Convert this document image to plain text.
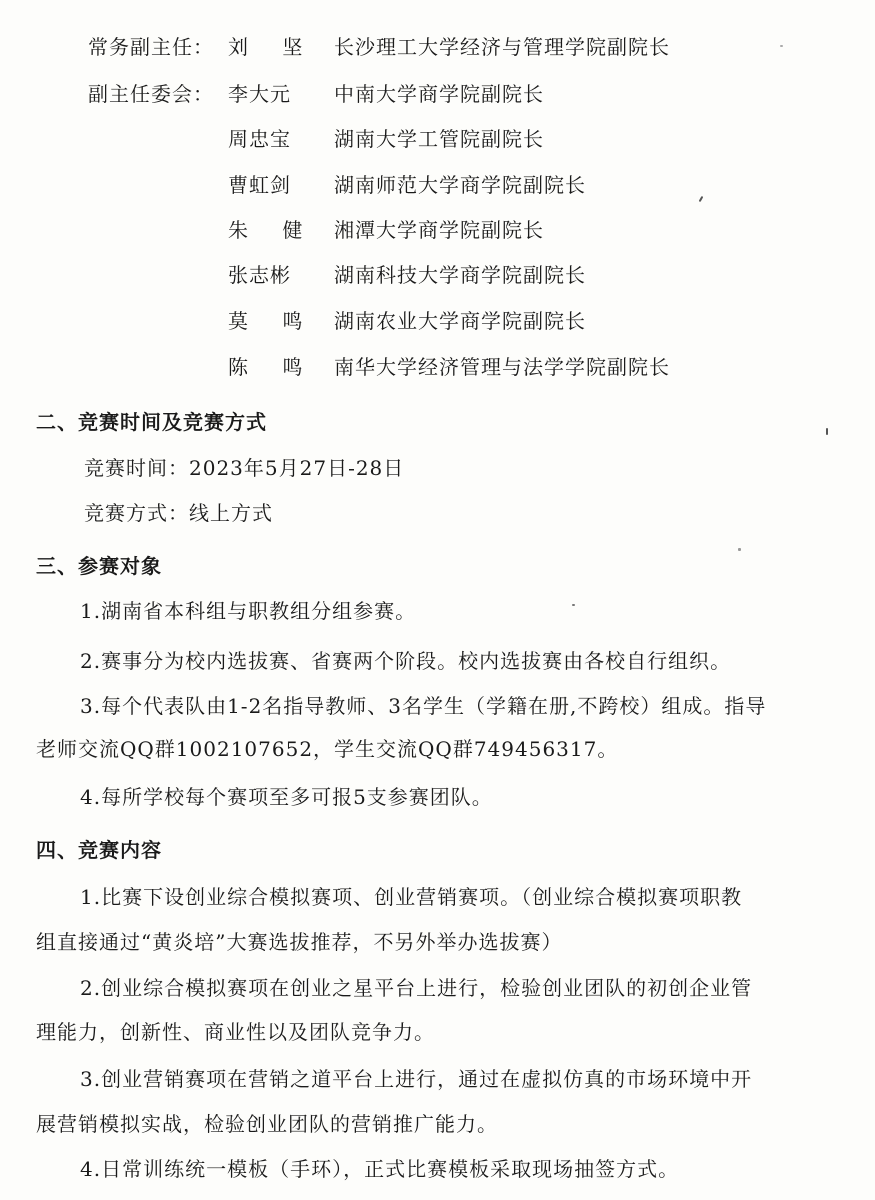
常务副主任： 刘 坚 长沙理工大学经济与管理学院副院长
副主任委会： 李大元 中南大学商学院副院长
周忠宝 湖南大学工管院副院长
曹虹剑 湖南师范大学商学院副院长
朱 健 湘潭大学商学院副院长
张志彬 湖南科技大学商学院副院长
莫 鸣 湖南农业大学商学院副院长
陈 鸣 南华大学经济管理与法学学院副院长
二、竞赛时间及竞赛方式
竞赛时间：2023年5月27日-28日
竞赛方式：线上方式
三、参赛对象
1.湖南省本科组与职教组分组参赛。
2.赛事分为校内选拔赛、省赛两个阶段。校内选拔赛由各校自行组织。
3.每个代表队由1-2名指导教师、3名学生（学籍在册,不跨校）组成。指导
老师交流QQ群1002107652，学生交流QQ群749456317。
4.每所学校每个赛项至多可报5支参赛团队。
四、竞赛内容
1.比赛下设创业综合模拟赛项、创业营销赛项。（创业综合模拟赛项职教
组直接通过“黄炎培”大赛选拔推荐，不另外举办选拔赛）
2.创业综合模拟赛项在创业之星平台上进行，检验创业团队的初创企业管
理能力，创新性、商业性以及团队竞争力。
3.创业营销赛项在营销之道平台上进行，通过在虚拟仿真的市场环境中开
展营销模拟实战，检验创业团队的营销推广能力。
4.日常训练统一模板（手环），正式比赛模板采取现场抽签方式。
